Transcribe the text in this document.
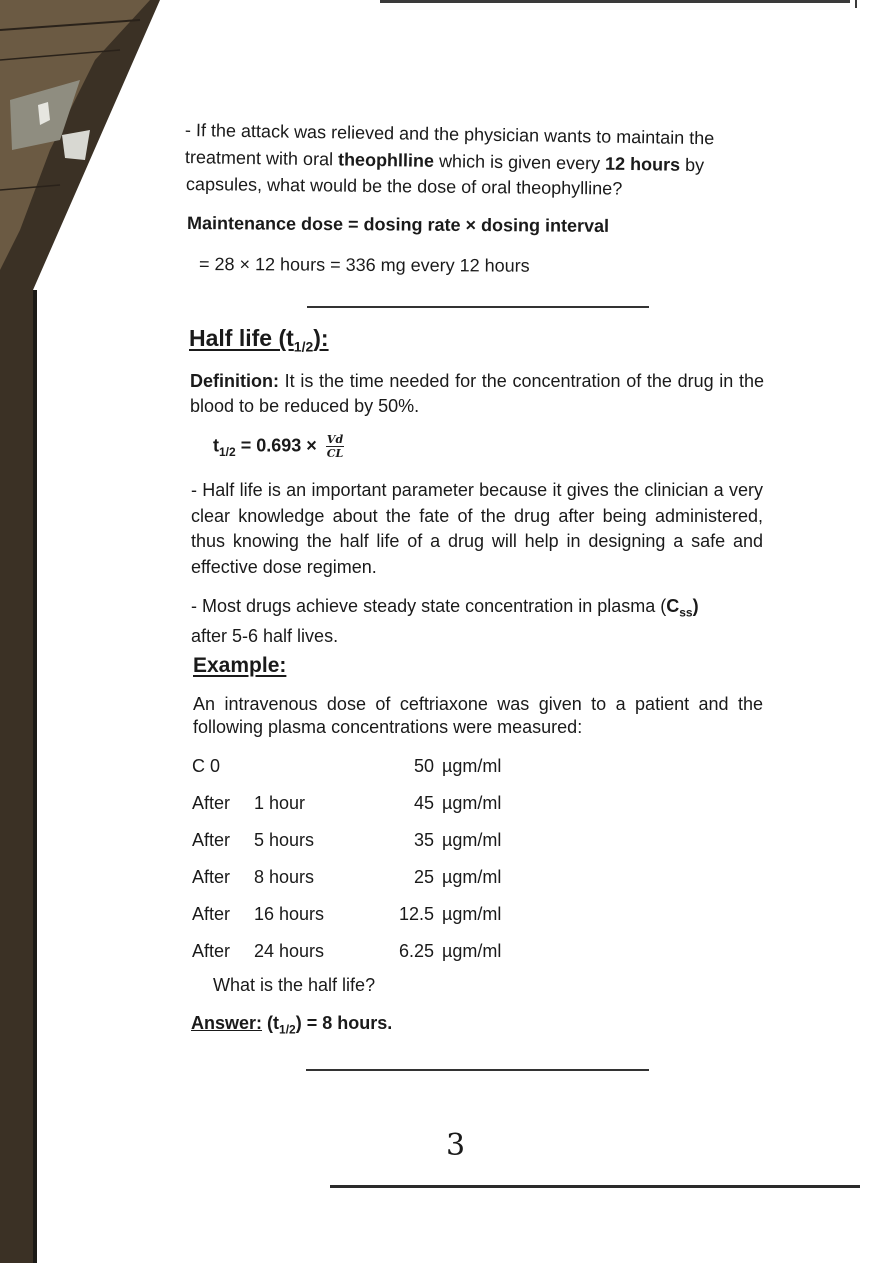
- If the attack was relieved and the physician wants to maintain the
treatment with oral theophlline which is given every 12 hours by
capsules, what would be the dose of oral theophylline?
Maintenance dose = dosing rate × dosing interval
= 28 × 12 hours = 336 mg every 12 hours
Half life $(t_{1/2})$:
Definition: It is the time needed for the concentration of the drug in the blood to be reduced by 50%.
$t_{1/2} = 0.693 \times \frac{Vd}{CL}$
- Half life is an important parameter because it gives the clinician a very clear knowledge about the fate of the drug after being administered, thus knowing the half life of a drug will help in designing a safe and effective dose regimen.
- Most drugs achieve steady state concentration in plasma $(C_{ss})$
after 5-6 half lives.
Example:
An intravenous dose of ceftriaxone was given to a patient and the following plasma concentrations were measured:
C 0		50	µgm/ml
After	1 hour	45	µgm/ml
After	5 hours	35	µgm/ml
After	8 hours	25	µgm/ml
After	16 hours	12.5	µgm/ml
After	24 hours	6.25	µgm/ml
What is the half life?
Answer: $(t_{1/2}) = 8$ hours.
3
